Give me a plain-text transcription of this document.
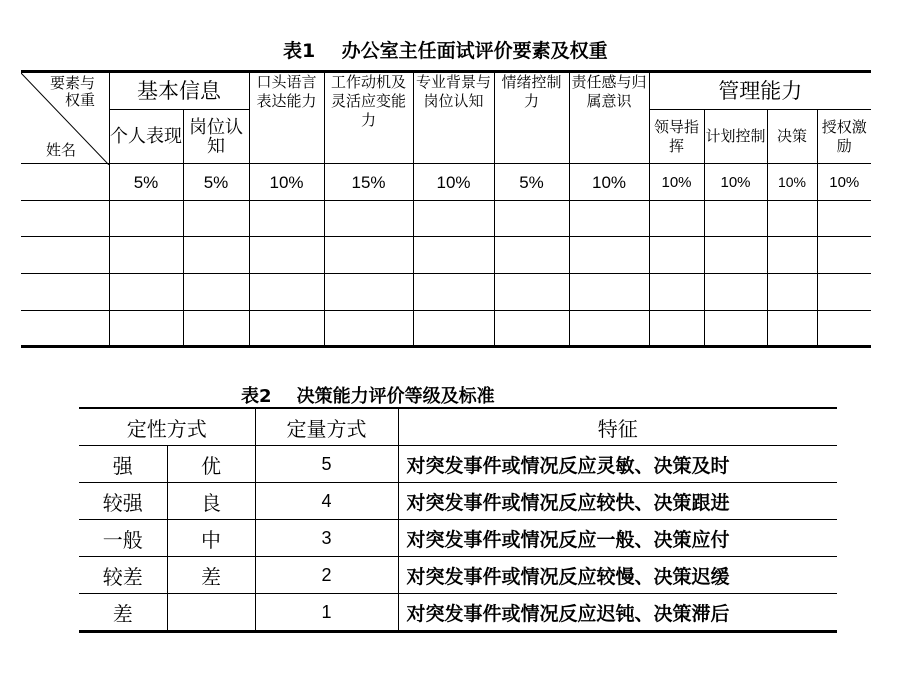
表1    办公室主任面试评价要素及权重
要素与权重
姓名	基本信息		口头语言表达能力	工作动机及灵活应变能力	专业背景与岗位认知	情绪控制力	责任感与归属意识	管理能力			
	个人表现	岗位认知						领导指挥	计划控制	决策	授权激励
	5%	5%	10%	15%	10%	5%	10%	10%	10%	10%	10%

表2    决策能力评价等级及标准
定性方式		定量方式	特征
强	优	5	对突发事件或情况反应灵敏、决策及时
较强	良	4	对突发事件或情况反应较快、决策跟进
一般	中	3	对突发事件或情况反应一般、决策应付
较差	差	2	对突发事件或情况反应较慢、决策迟缓
差		1	对突发事件或情况反应迟钝、决策滞后
